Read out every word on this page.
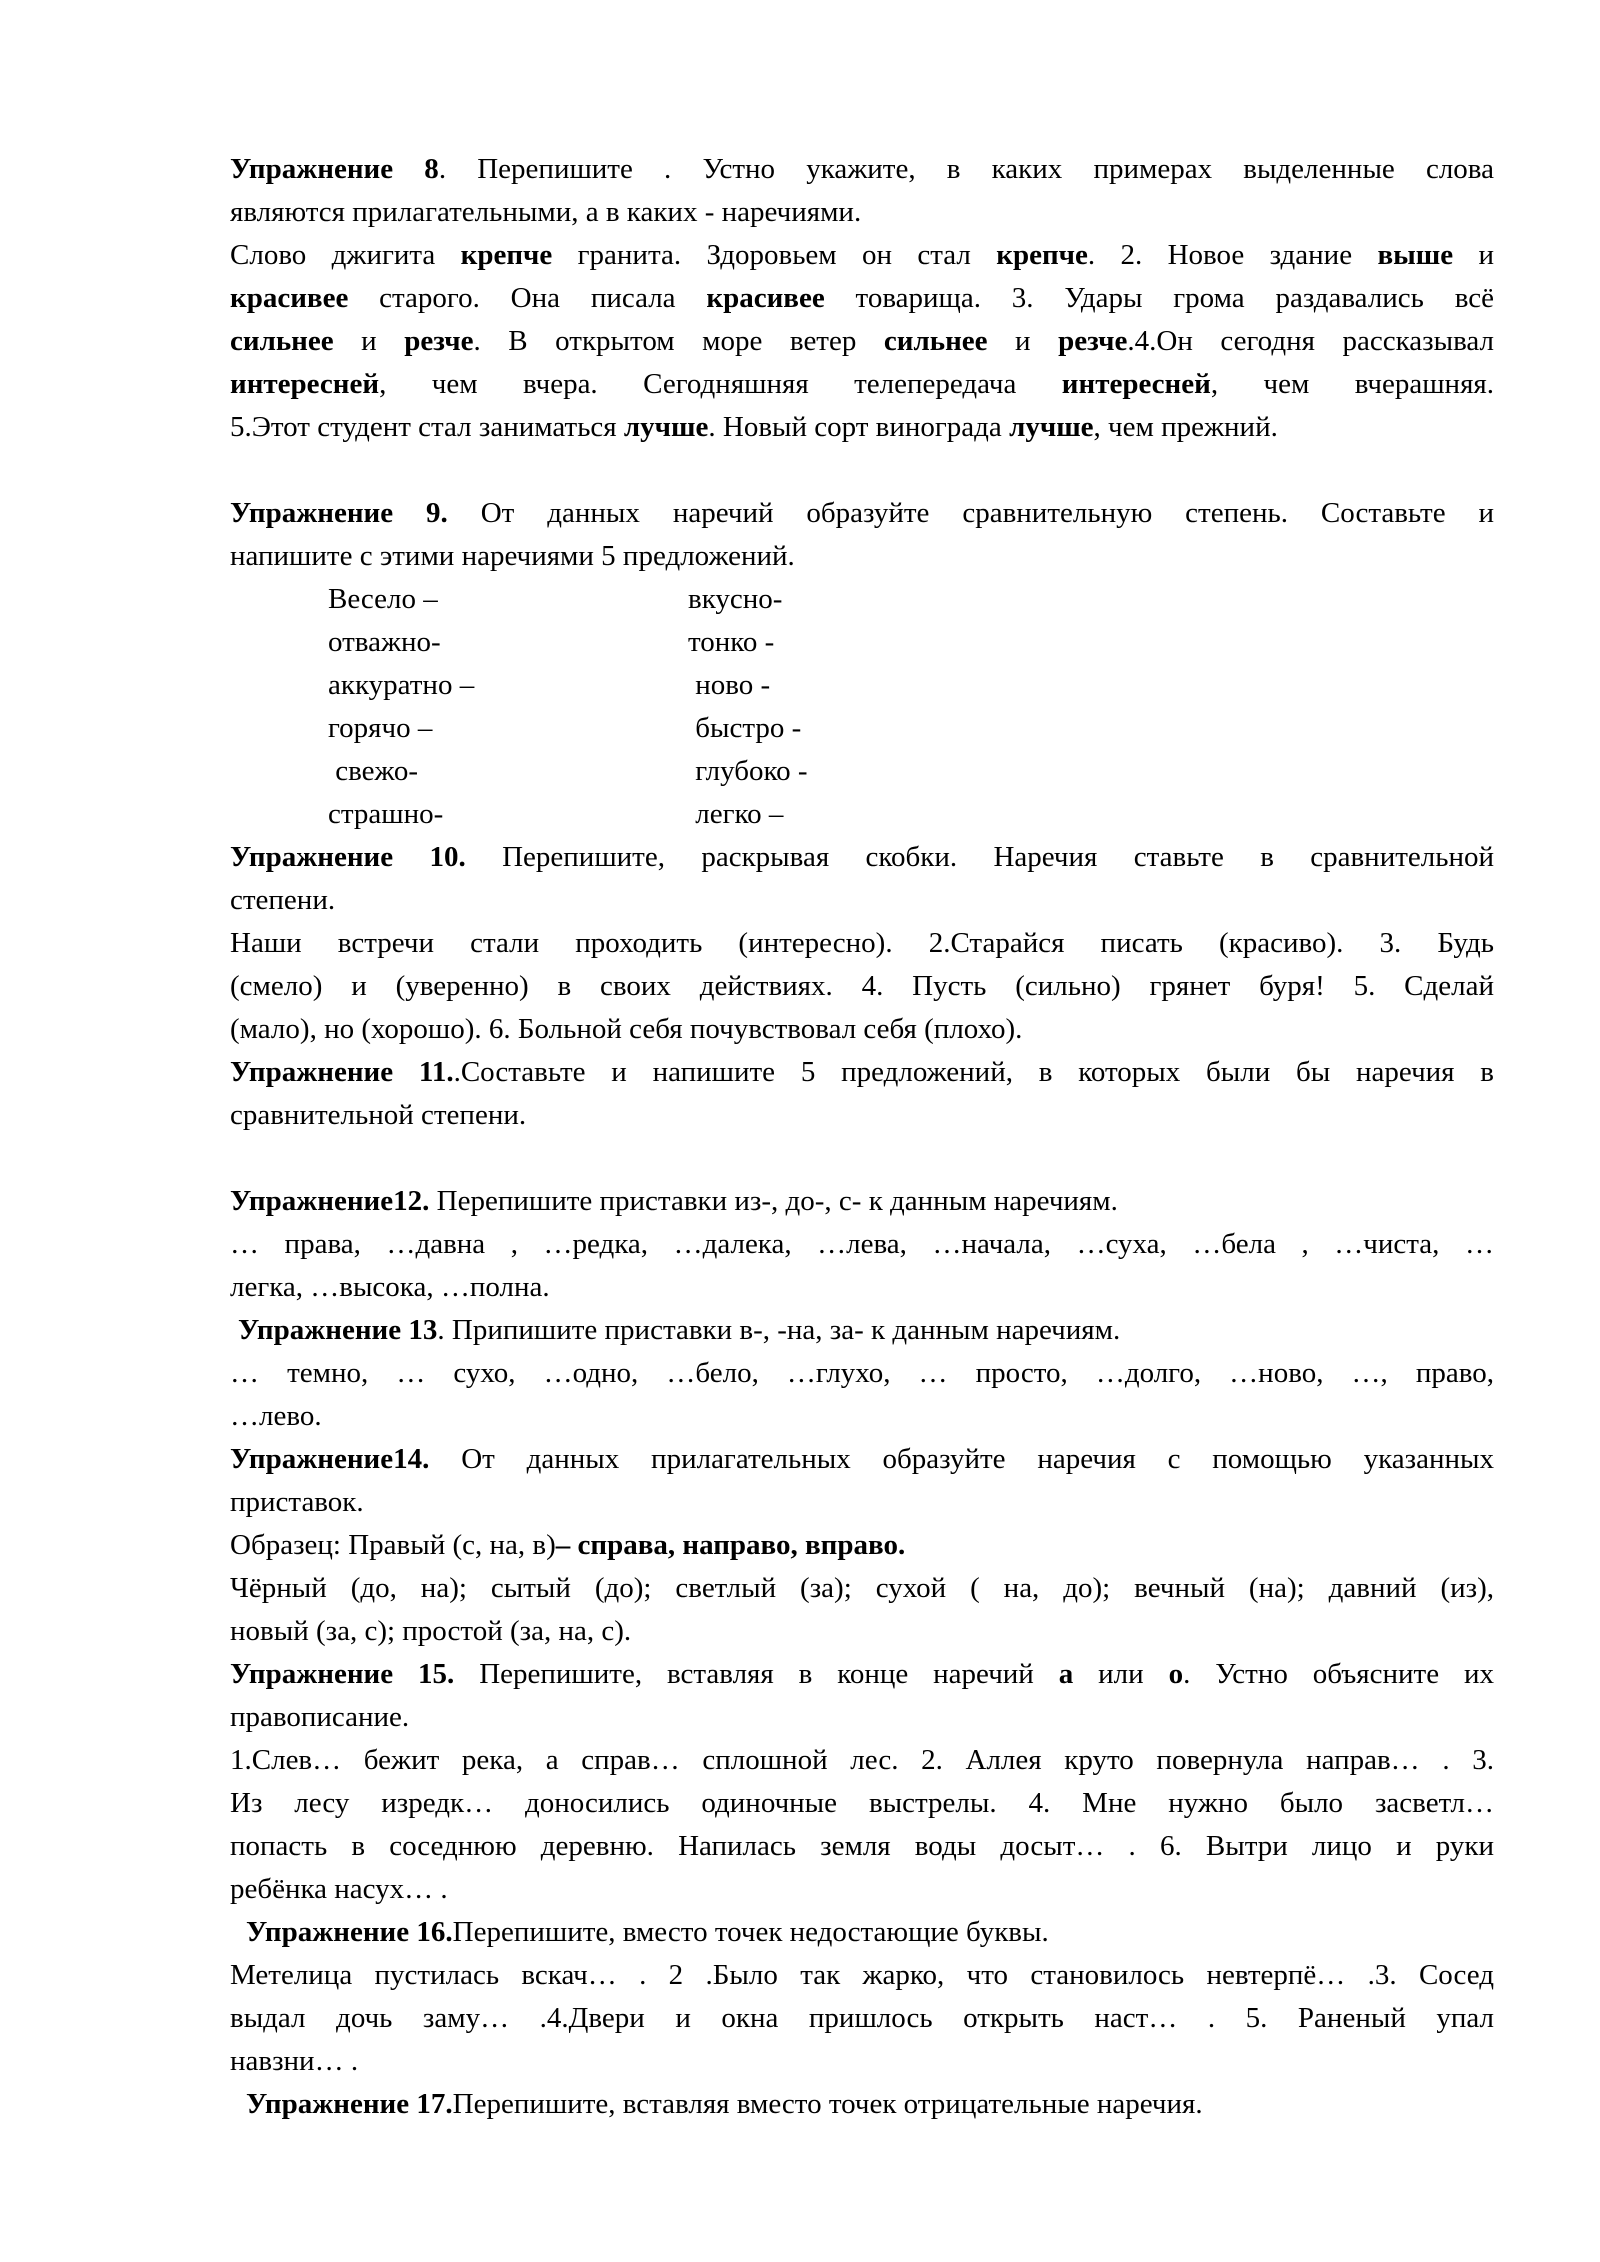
Упражнение 8. Перепишите . Устно укажите, в каких примерах выделенные слова

являются прилагательными, а в каких - наречиями.

Слово джигита крепче гранита. Здоровьем он стал крепче. 2. Новое здание выше и

красивее старого. Она писала красивее товарища. 3. Удары грома раздавались всё

сильнее и резче. В открытом море ветер сильнее и резче.4.Он сегодня рассказывал

интересней, чем вчера. Сегодняшняя телепередача интересней, чем вчерашняя.

5.Этот студент стал заниматься лучше. Новый сорт винограда лучше, чем прежний.

Упражнение 9. От данных наречий образуйте сравнительную степень. Составьте и

напишите с этими наречиями 5 предложений.

Весело –	вкусно-
отважно-	тонко -
аккуратно –	ново -
горячо –	быстро -
свежо-	глубоко -
страшно-	легко –

Упражнение 10. Перепишите, раскрывая скобки. Наречия ставьте в сравнительной

степени.

Наши встречи стали проходить (интересно). 2.Старайся писать (красиво). 3. Будь

(смело) и (уверенно) в своих действиях. 4. Пусть (сильно) грянет буря! 5. Сделай

(мало), но (хорошо). 6. Больной себя почувствовал себя (плохо).

Упражнение 11..Составьте и напишите 5 предложений, в которых были бы наречия в

сравнительной степени.

Упражнение12. Перепишите приставки из-, до-, с- к данным наречиям.

… права, …давна , …редка, …далека, …лева, …начала, …суха, …бела , …чиста, …

легка, …высока, …полна.

Упражнение 13. Припишите приставки в-, -на, за- к данным наречиям.

… темно, … сухо, …одно, …бело, …глухо, … просто, …долго, …ново, …, право,

…лево.

Упражнение14. От данных прилагательных образуйте наречия с помощью указанных

приставок.

Образец: Правый (с, на, в)– справа, направо, вправо.

Чёрный (до, на); сытый (до); светлый (за); сухой ( на, до); вечный (на); давний (из),

новый (за, с); простой (за, на, с).

Упражнение 15. Перепишите, вставляя в конце наречий а или о. Устно объясните их

правописание.

1.Слев… бежит река, а справ… сплошной лес. 2. Аллея круто повернула направ… . 3.

Из лесу изредк… доносились одиночные выстрелы. 4. Мне нужно было засветл…

попасть в соседнюю деревню. Напилась земля воды досыт… . 6. Вытри лицо и руки

ребёнка насух… .

Упражнение 16.Перепишите, вместо точек недостающие буквы.

Метелица пустилась вскач… . 2 .Было так жарко, что становилось невтерпё… .3. Сосед

выдал дочь заму… .4.Двери и окна пришлось открыть наст… . 5. Раненый упал

навзни… .

Упражнение 17.Перепишите, вставляя вместо точек отрицательные наречия.
